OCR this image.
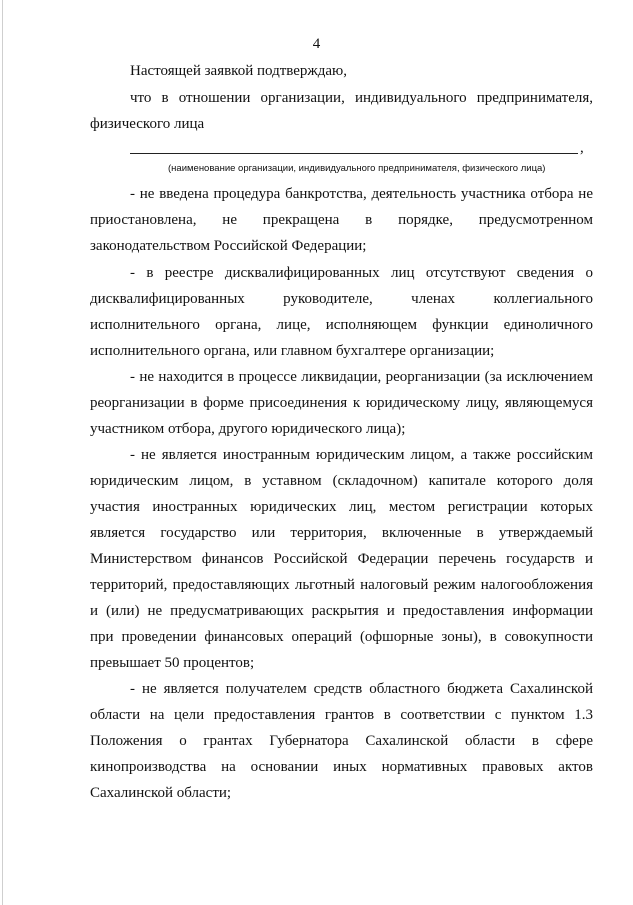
4
Настоящей заявкой подтверждаю,
что в отношении организации, индивидуального предпринимателя,
физического лица
,
(наименование организации, индивидуального предпринимателя, физического лица)
- не введена процедура банкротства, деятельность участника отбора не
приостановлена, не прекращена в порядке, предусмотренном
законодательством Российской Федерации;
- в реестре дисквалифицированных лиц отсутствуют сведения о
дисквалифицированных руководителе, членах коллегиального
исполнительного органа, лице, исполняющем функции единоличного
исполнительного органа, или главном бухгалтере организации;
- не находится в процессе ликвидации, реорганизации (за исключением
реорганизации в форме присоединения к юридическому лицу, являющемуся
участником отбора, другого юридического лица);
- не является иностранным юридическим лицом, а также российским
юридическим лицом, в уставном (складочном) капитале которого доля
участия иностранных юридических лиц, местом регистрации которых
является государство или территория, включенные в утверждаемый
Министерством финансов Российской Федерации перечень государств и
территорий, предоставляющих льготный налоговый режим налогообложения
и (или) не предусматривающих раскрытия и предоставления информации
при проведении финансовых операций (офшорные зоны), в совокупности
превышает 50 процентов;
- не является получателем средств областного бюджета Сахалинской
области на цели предоставления грантов в соответствии с пунктом 1.3
Положения о грантах Губернатора Сахалинской области в сфере
кинопроизводства на основании иных нормативных правовых актов
Сахалинской области;
